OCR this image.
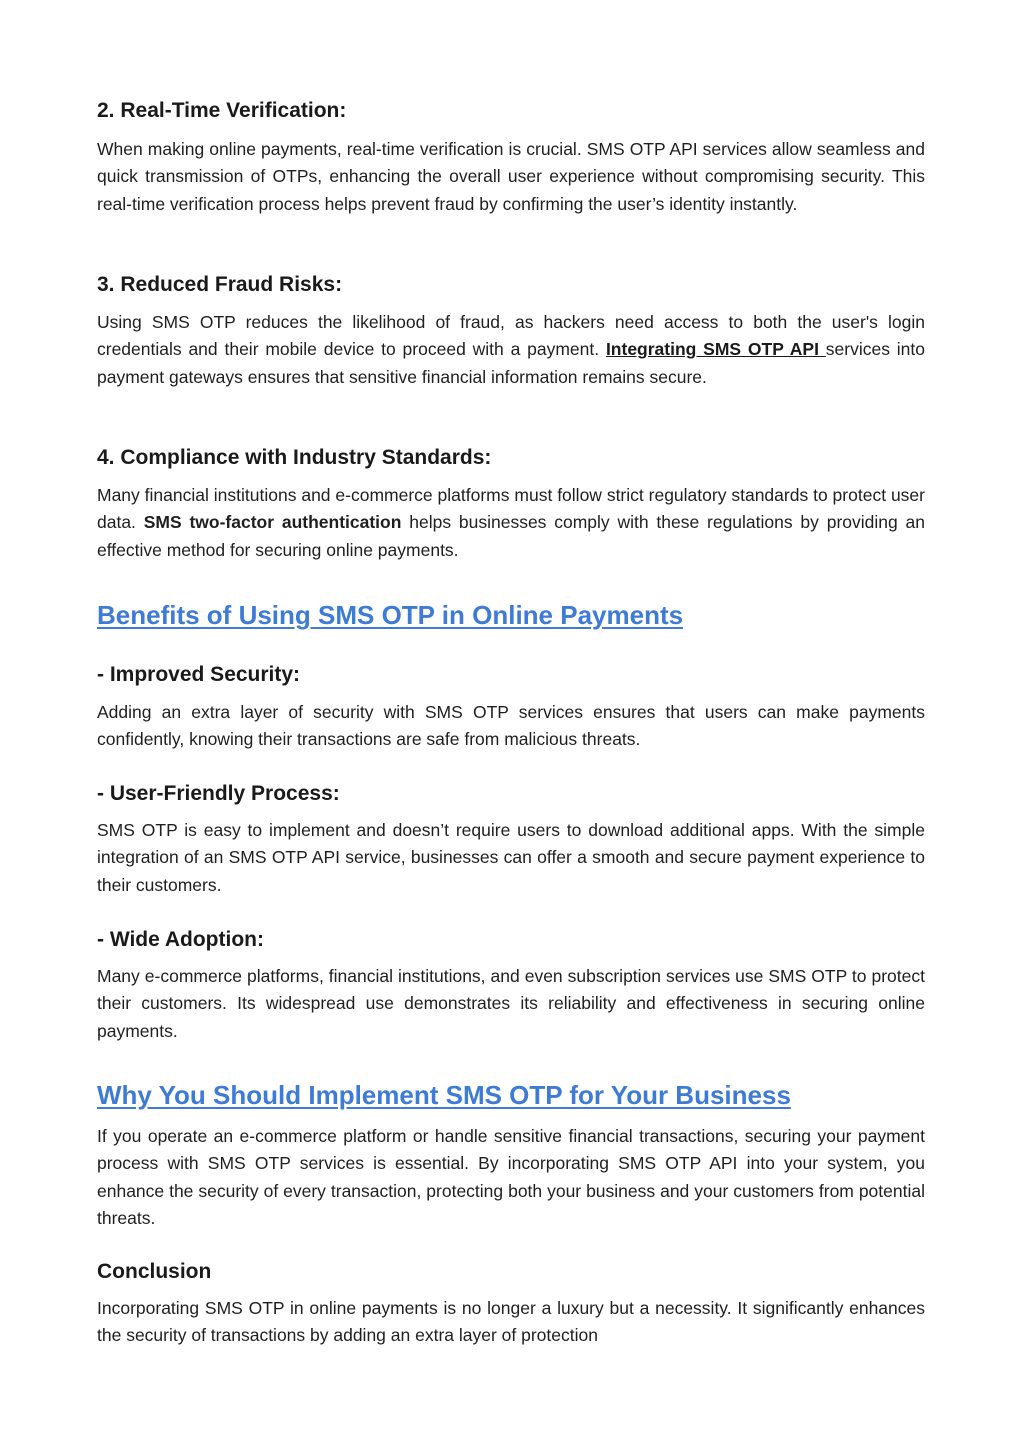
2. Real-Time Verification:

When making online payments, real-time verification is crucial. SMS OTP API services allow seamless and quick transmission of OTPs, enhancing the overall user experience without compromising security. This real-time verification process helps prevent fraud by confirming the user’s identity instantly.

3. Reduced Fraud Risks:

Using SMS OTP reduces the likelihood of fraud, as hackers need access to both the user's login credentials and their mobile device to proceed with a payment. Integrating SMS OTP API services into payment gateways ensures that sensitive financial information remains secure.

4. Compliance with Industry Standards:

Many financial institutions and e-commerce platforms must follow strict regulatory standards to protect user data. SMS two-factor authentication helps businesses comply with these regulations by providing an effective method for securing online payments.

Benefits of Using SMS OTP in Online Payments
- Improved Security:

Adding an extra layer of security with SMS OTP services ensures that users can make payments confidently, knowing their transactions are safe from malicious threats.

- User-Friendly Process:

SMS OTP is easy to implement and doesn’t require users to download additional apps. With the simple integration of an SMS OTP API service, businesses can offer a smooth and secure payment experience to their customers.

- Wide Adoption:

Many e-commerce platforms, financial institutions, and even subscription services use SMS OTP to protect their customers. Its widespread use demonstrates its reliability and effectiveness in securing online payments.

Why You Should Implement SMS OTP for Your Business

If you operate an e-commerce platform or handle sensitive financial transactions, securing your payment process with SMS OTP services is essential. By incorporating SMS OTP API into your system, you enhance the security of every transaction, protecting both your business and your customers from potential threats.

Conclusion

Incorporating SMS OTP in online payments is no longer a luxury but a necessity. It significantly enhances the security of transactions by adding an extra layer of protection
